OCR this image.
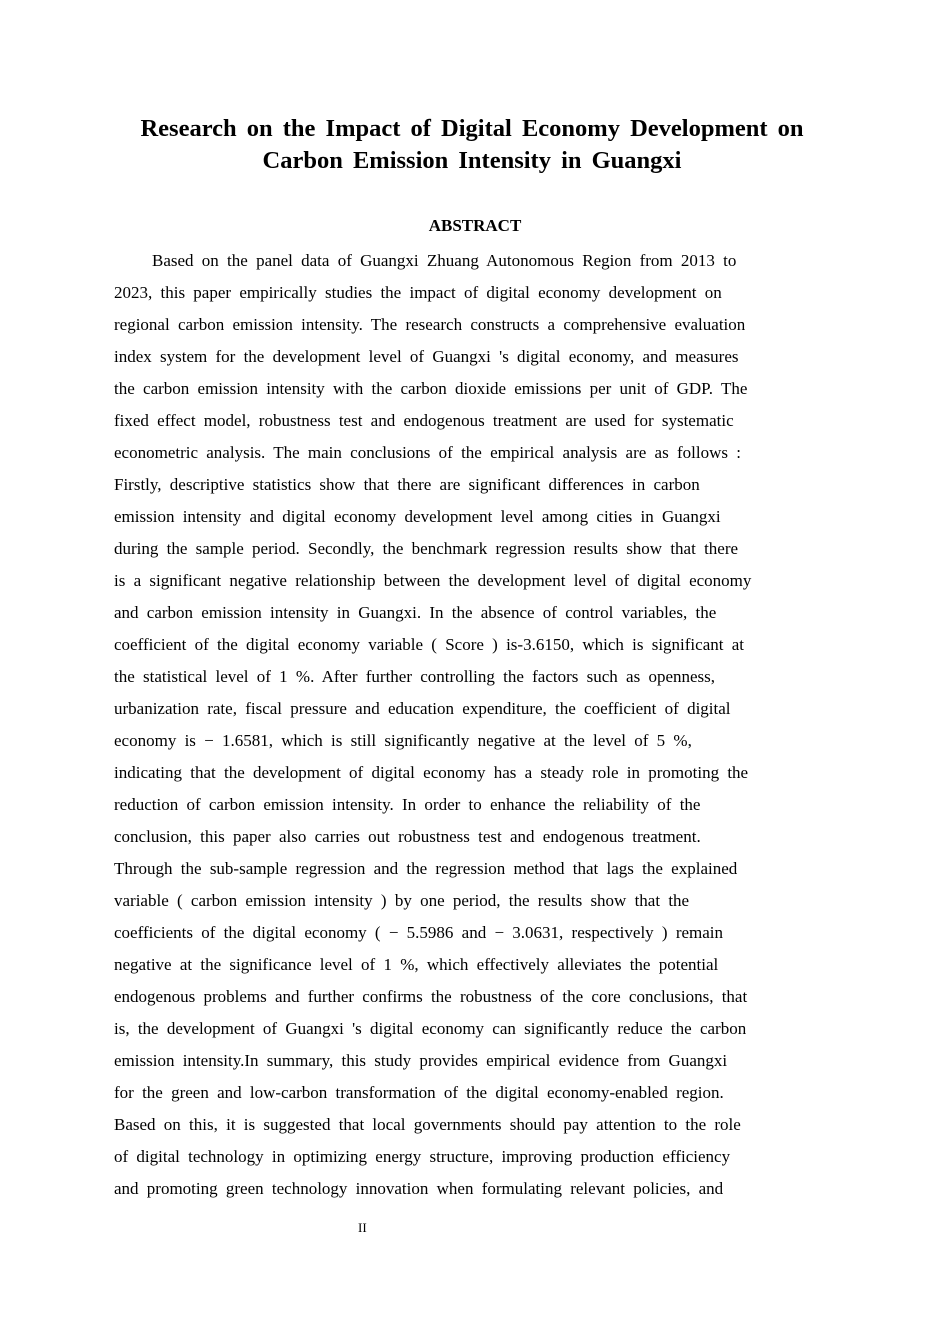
Research on the Impact of Digital Economy Development on
Carbon Emission Intensity in Guangxi
ABSTRACT
Based on the panel data of Guangxi Zhuang Autonomous Region from 2013 to
2023, this paper empirically studies the impact of digital economy development on
regional carbon emission intensity. The research constructs a comprehensive evaluation
index system for the development level of Guangxi 's digital economy, and measures
the carbon emission intensity with the carbon dioxide emissions per unit of GDP. The
fixed effect model, robustness test and endogenous treatment are used for systematic
econometric analysis. The main conclusions of the empirical analysis are as follows :
Firstly, descriptive statistics show that there are significant differences in carbon
emission intensity and digital economy development level among cities in Guangxi
during the sample period. Secondly, the benchmark regression results show that there
is a significant negative relationship between the development level of digital economy
and carbon emission intensity in Guangxi. In the absence of control variables, the
coefficient of the digital economy variable ( Score ) is-3.6150, which is significant at
the statistical level of 1 %. After further controlling the factors such as openness,
urbanization rate, fiscal pressure and education expenditure, the coefficient of digital
economy is − 1.6581, which is still significantly negative at the level of 5 %,
indicating that the development of digital economy has a steady role in promoting the
reduction of carbon emission intensity. In order to enhance the reliability of the
conclusion, this paper also carries out robustness test and endogenous treatment.
Through the sub-sample regression and the regression method that lags the explained
variable ( carbon emission intensity ) by one period, the results show that the
coefficients of the digital economy ( − 5.5986 and − 3.0631, respectively ) remain
negative at the significance level of 1 %, which effectively alleviates the potential
endogenous problems and further confirms the robustness of the core conclusions, that
is, the development of Guangxi 's digital economy can significantly reduce the carbon
emission intensity.In summary, this study provides empirical evidence from Guangxi
for the green and low-carbon transformation of the digital economy-enabled region.
Based on this, it is suggested that local governments should pay attention to the role
of digital technology in optimizing energy structure, improving production efficiency
and promoting green technology innovation when formulating relevant policies, and
II
